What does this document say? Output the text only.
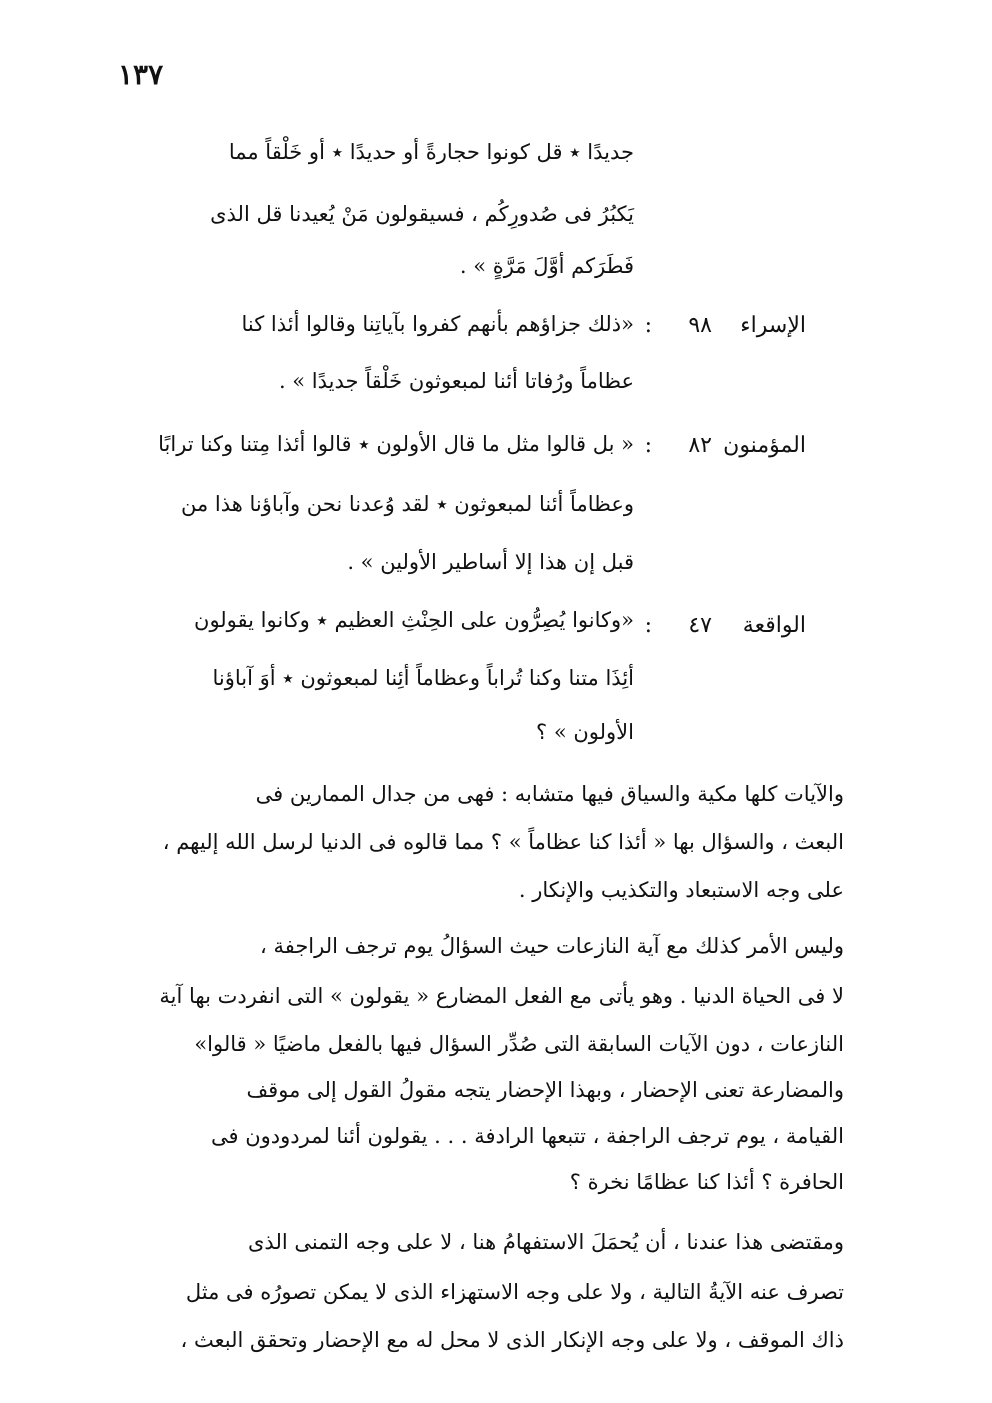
١٣٧
جديدًا ٭ قل كونوا حجارةً أو حديدًا ٭ أو خَلْقاً مما
يَكبُرُ فى صُدورِكُم ، فسيقولون مَنْ يُعيدنا قل الذى
فَطَرَكم أوَّلَ مَرَّةٍ » .
الإسراء
٩٨
:
«ذلك جزاؤهم بأنهم كفروا بآياتِنا وقالوا أئذا كنا
عظاماً ورُفاتا أئنا لمبعوثون خَلْقاً جديدًا » .
المؤمنون
٨٢
:
« بل قالوا مثل ما قال الأولون ٭ قالوا أئذا مِتنا وكنا ترابًا
وعظاماً أئنا لمبعوثون ٭ لقد وُعدنا نحن وآباؤنا هذا من
قبل إن هذا إلا أساطير الأولين » .
الواقعة
٤٧
:
«وكانوا يُصِرُّون على الحِنْثِ العظيم ٭ وكانوا يقولون
أئِذَا متنا وكنا تُراباً وعظاماً أئِنا لمبعوثون ٭ أوَ آباؤنا
الأولون » ؟
والآيات كلها مكية والسياق فيها متشابه : فهى من جدال الممارين فى
البعث ، والسؤال بها « أئذا كنا عظاماً » ؟ مما قالوه فى الدنيا لرسل الله إليهم ،
على وجه الاستبعاد والتكذيب والإنكار .
وليس الأمر كذلك مع آية النازعات حيث السؤالُ يوم ترجف الراجفة ،
لا فى الحياة الدنيا . وهو يأتى مع الفعل المضارع « يقولون » التى انفردت بها آية
النازعات ، دون الآيات السابقة التى صُدِّر السؤال فيها بالفعل ماضيًا « قالوا»
والمضارعة تعنى الإحضار ، وبهذا الإحضار يتجه مقولُ القول إلى موقف
القيامة ، يوم ترجف الراجفة ، تتبعها الرادفة . . . يقولون أئنا لمردودون فى
الحافرة ؟ أئذا كنا عظامًا نخرة ؟
ومقتضى هذا عندنا ، أن يُحمَلَ الاستفهامُ هنا ، لا على وجه التمنى الذى
تصرف عنه الآيةُ التالية ، ولا على وجه الاستهزاء الذى لا يمكن تصورُه فى مثل
ذاك الموقف ، ولا على وجه الإنكار الذى لا محل له مع الإحضار وتحقق البعث ،
